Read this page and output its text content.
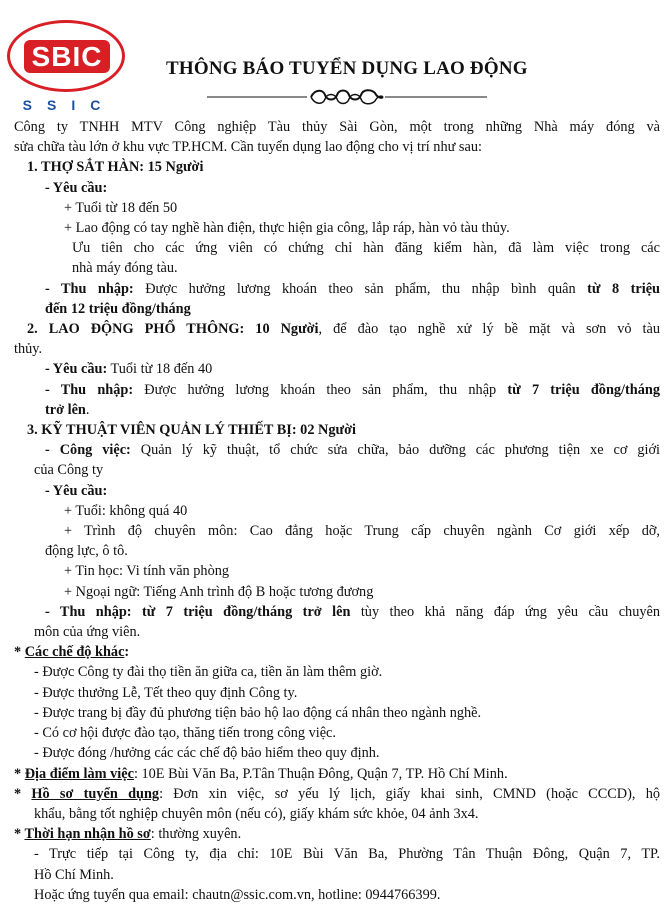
SBIC
SSIC
THÔNG BÁO TUYỂN DỤNG LAO ĐỘNG

Công ty TNHH MTV Công nghiệp Tàu thủy Sài Gòn, một trong những Nhà máy đóng và

sửa chữa tàu lớn ở khu vực TP.HCM. Cần tuyển dụng lao động cho vị trí như sau:

1. THỢ SẮT HÀN: 15 Người

- Yêu cầu:

+ Tuổi từ 18 đến 50

+ Lao động có tay nghề hàn điện, thực hiện gia công, lắp ráp, hàn vỏ tàu thủy.

Ưu tiên cho các ứng viên có chứng chỉ hàn đăng kiểm hàn, đã làm việc trong các

nhà máy đóng tàu.

- Thu nhập: Được hưởng lương khoán theo sản phẩm, thu nhập bình quân từ 8 triệu

đến 12 triệu đồng/tháng

2. LAO ĐỘNG PHỔ THÔNG: 10 Người, để đào tạo nghề xử lý bề mặt và sơn vỏ tàu

thủy.

- Yêu cầu: Tuổi từ 18 đến 40

- Thu nhập: Được hưởng lương khoán theo sản phẩm, thu nhập từ 7 triệu đồng/tháng

trở lên.

3. KỸ THUẬT VIÊN QUẢN LÝ THIẾT BỊ: 02 Người

- Công việc: Quản lý kỹ thuật, tổ chức sửa chữa, bảo dưỡng các phương tiện xe cơ giới

của Công ty

- Yêu cầu:

+ Tuổi: không quá 40

+ Trình độ chuyên môn: Cao đẳng hoặc Trung cấp chuyên ngành Cơ giới xếp dỡ,

động lực, ô tô.

+ Tin học: Vi tính văn phòng

+ Ngoại ngữ: Tiếng Anh trình độ B hoặc tương đương

- Thu nhập: từ 7 triệu đồng/tháng trở lên tùy theo khả năng đáp ứng yêu cầu chuyên

môn của ứng viên.

* Các chế độ khác:

- Được Công ty đài thọ tiền ăn giữa ca, tiền ăn làm thêm giờ.

- Được thưởng Lễ, Tết theo quy định Công ty.

- Được trang bị đầy đủ phương tiện bảo hộ lao động cá nhân theo ngành nghề.

- Có cơ hội được đào tạo, thăng tiến trong công việc.

- Được đóng /hưởng các các chế độ bảo hiểm theo quy định.

* Địa điểm làm việc: 10E Bùi Văn Ba, P.Tân Thuận Đông, Quận 7, TP. Hồ Chí Minh.

* Hồ sơ tuyển dụng: Đơn xin việc, sơ yếu lý lịch, giấy khai sinh, CMND (hoặc CCCD), hộ

khẩu, bằng tốt nghiệp chuyên môn (nếu có), giấy khám sức khỏe, 04 ảnh 3x4.

* Thời hạn nhận hồ sơ: thường xuyên.

- Trực tiếp tại Công ty, địa chỉ: 10E Bùi Văn Ba, Phường Tân Thuận Đông, Quận 7, TP.

Hồ Chí Minh.

Hoặc ứng tuyển qua email: chautn@ssic.com.vn, hotline: 0944766399.
